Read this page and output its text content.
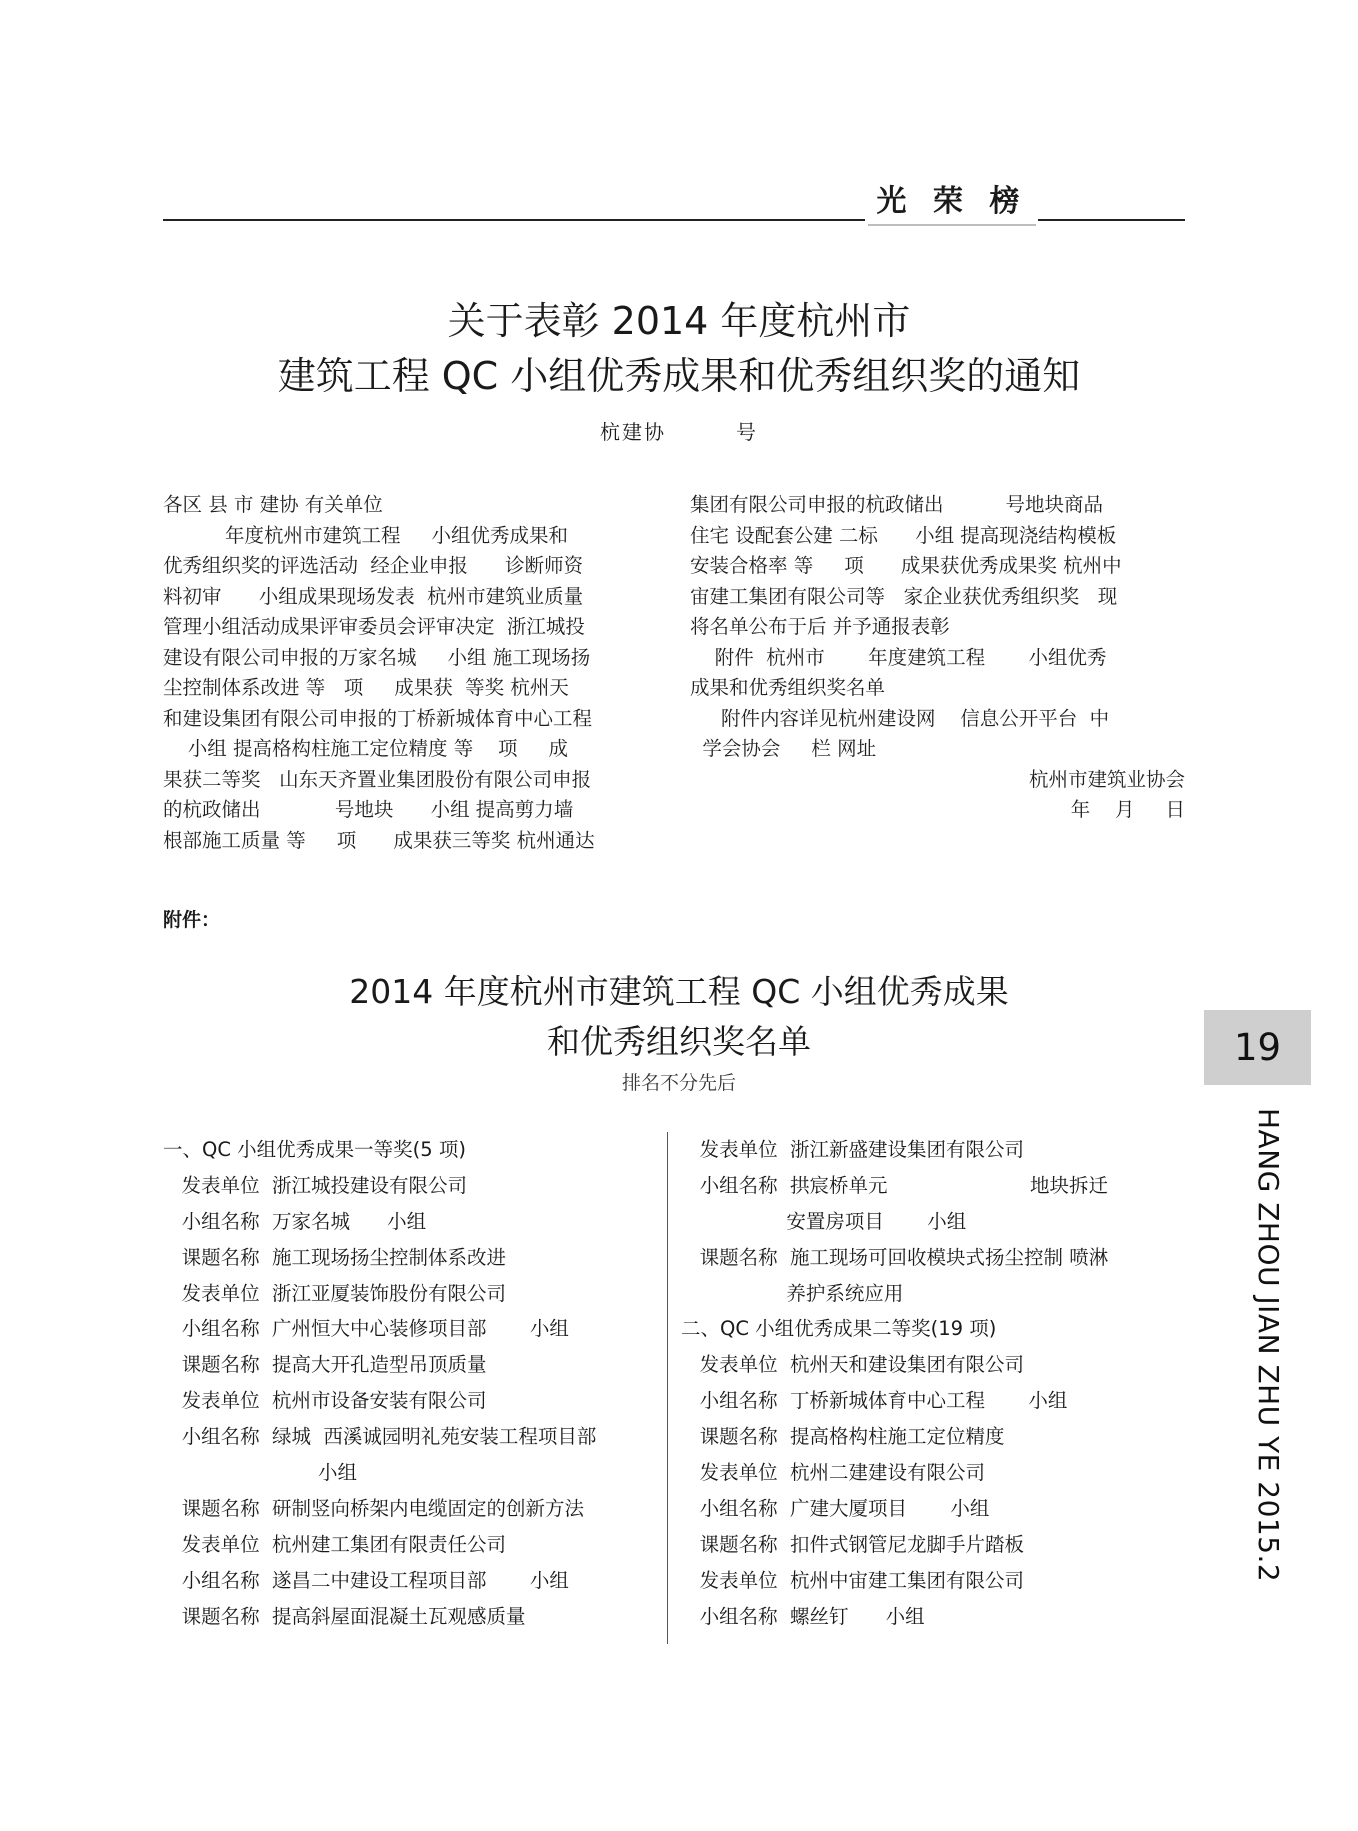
光 荣 榜
关于表彰 2014 年度杭州市
建筑工程 QC 小组优秀成果和优秀组织奖的通知
杭建协	号
各区 县 市 建协 有关单位
年度杭州市建筑工程     小组优秀成果和
优秀组织奖的评选活动  经企业申报      诊断师资
料初审      小组成果现场发表  杭州市建筑业质量
管理小组活动成果评审委员会评审决定  浙江城投
建设有限公司申报的万家名城     小组 施工现场扬
尘控制体系改进 等   项     成果获  等奖 杭州天
和建设集团有限公司申报的丁桥新城体育中心工程
小组 提高格构柱施工定位精度 等    项     成
果获二等奖   山东天齐置业集团股份有限公司申报
的杭政储出            号地块      小组 提高剪力墙
根部施工质量 等     项      成果获三等奖 杭州通达
集团有限公司申报的杭政储出          号地块商品
住宅 设配套公建 二标      小组 提高现浇结构模板
安装合格率 等     项      成果获优秀成果奖 杭州中
宙建工集团有限公司等   家企业获优秀组织奖   现
将名单公布于后 并予通报表彰
附件  杭州市       年度建筑工程       小组优秀
成果和优秀组织奖名单
附件内容详见杭州建设网    信息公开平台  中
学会协会     栏 网址
杭州市建筑业协会
年    月     日
附件：
2014 年度杭州市建筑工程 QC 小组优秀成果
和优秀组织奖名单
排名不分先后
一、QC 小组优秀成果一等奖(5 项)
发表单位  浙江城投建设有限公司
小组名称  万家名城      小组
课题名称  施工现场扬尘控制体系改进
发表单位  浙江亚厦装饰股份有限公司
小组名称  广州恒大中心装修项目部       小组
课题名称  提高大开孔造型吊顶质量
发表单位  杭州市设备安装有限公司
小组名称  绿城  西溪诚园明礼苑安装工程项目部
小组
课题名称  研制竖向桥架内电缆固定的创新方法
发表单位  杭州建工集团有限责任公司
小组名称  遂昌二中建设工程项目部       小组
课题名称  提高斜屋面混凝土瓦观感质量
发表单位  浙江新盛建设集团有限公司
小组名称  拱宸桥单元                       地块拆迁
安置房项目       小组
课题名称  施工现场可回收模块式扬尘控制 喷淋
养护系统应用
二、QC 小组优秀成果二等奖(19 项)
发表单位  杭州天和建设集团有限公司
小组名称  丁桥新城体育中心工程       小组
课题名称  提高格构柱施工定位精度
发表单位  杭州二建建设有限公司
小组名称  广建大厦项目       小组
课题名称  扣件式钢管尼龙脚手片踏板
发表单位  杭州中宙建工集团有限公司
小组名称  螺丝钉      小组
19
HANG ZHOU JIAN ZHU YE 2015.2
